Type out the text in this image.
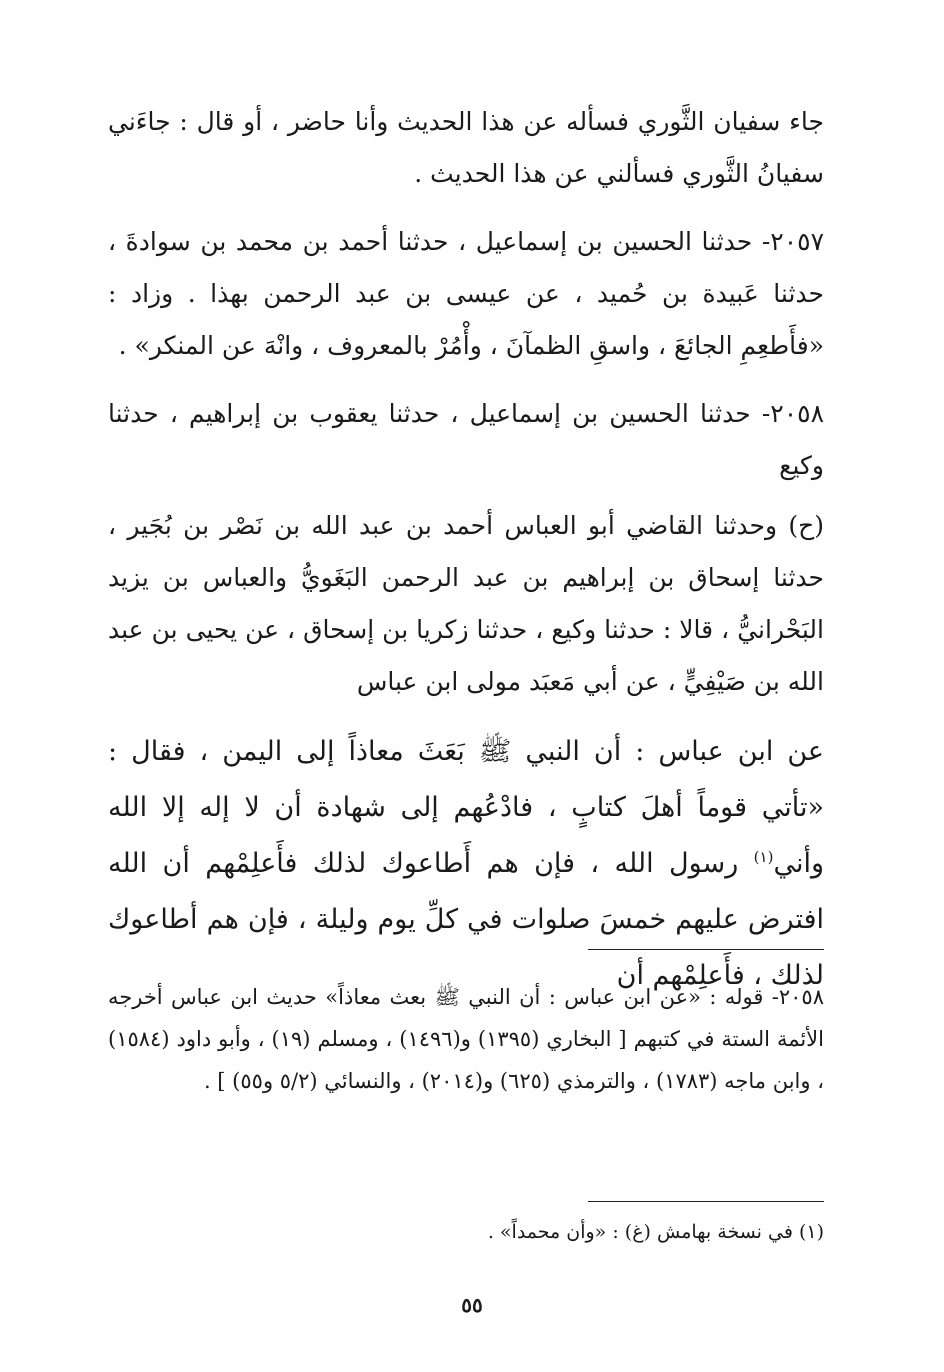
جاء سفيان الثَّوري فسأله عن هذا الحديث وأنا حاضر ، أو قال : جاءَني سفيانُ الثَّوري فسألني عن هذا الحديث .

٢٠٥٧- حدثنا الحسين بن إسماعيل ، حدثنا أحمد بن محمد بن سوادةَ ، حدثنا عَبيدة بن حُميد ، عن عيسى بن عبد الرحمن بهذا . وزاد : «فأَطعِمِ الجائعَ ، واسقِ الظمآنَ ، وأْمُرْ بالمعروف ، وانْهَ عن المنكر» .

٢٠٥٨- حدثنا الحسين بن إسماعيل ، حدثنا يعقوب بن إبراهيم ، حدثنا وكيع

(ح) وحدثنا القاضي أبو العباس أحمد بن عبد الله بن نَصْر بن بُجَير ، حدثنا إسحاق بن إبراهيم بن عبد الرحمن البَغَويُّ والعباس بن يزيد البَحْرانيُّ ، قالا : حدثنا وكيع ، حدثنا زكريا بن إسحاق ، عن يحيى بن عبد الله بن صَيْفِيٍّ ، عن أبي مَعبَد مولى ابن عباس

عن ابن عباس : أن النبي ﷺ بَعَثَ معاذاً إلى اليمن ، فقال : «تأتي قوماً أهلَ كتابٍ ، فادْعُهم إلى شهادة أن لا إله إلا الله وأني$^{(١)}$ رسول الله ، فإن هم أَطاعوك لذلك فأَعلِمْهم أن الله افترض عليهم خمسَ صلوات في كلِّ يوم وليلة ، فإن هم أطاعوك لذلك ، فأَعلِمْهم أن

٢٠٥٨- قوله : «عن ابن عباس : أن النبي ﷺ بعث معاذاً» حديث ابن عباس أخرجه الأئمة الستة في كتبهم [ البخاري (١٣٩٥) و(١٤٩٦) ، ومسلم (١٩) ، وأبو داود (١٥٨٤) ، وابن ماجه (١٧٨٣) ، والترمذي (٦٢٥) و(٢٠١٤) ، والنسائي (٥/٢ و٥٥) ] .

(١) في نسخة بهامش (غ) : «وأن محمداً» .

٥٥
